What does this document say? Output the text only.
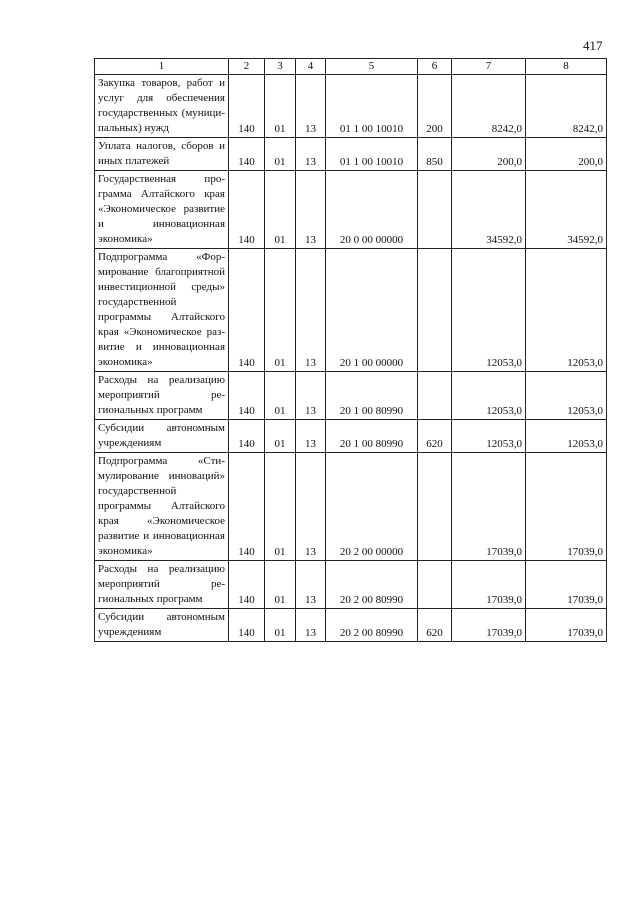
417
1	2	3	4	5	6	7	8
Закупка товаров, работ и услуг для обеспечения государственных (муниципальных) нужд	140	01	13	01 1 00 10010	200	8242,0	8242,0
Уплата налогов, сборов и иных платежей	140	01	13	01 1 00 10010	850	200,0	200,0
Государственная программа Алтайского края «Экономическое развитие и инновационная экономика»	140	01	13	20 0 00 00000		34592,0	34592,0
Подпрограмма «Формирование благоприятной инвестиционной среды» государственной программы Алтайского края «Экономическое развитие и инновационная экономика»	140	01	13	20 1 00 00000		12053,0	12053,0
Расходы на реализацию мероприятий региональных программ	140	01	13	20 1 00 80990		12053,0	12053,0
Субсидии автономным учреждениям	140	01	13	20 1 00 80990	620	12053,0	12053,0
Подпрограмма «Стимулирование инноваций» государственной программы Алтайского края «Экономическое развитие и инновационная экономика»	140	01	13	20 2 00 00000		17039,0	17039,0
Расходы на реализацию мероприятий региональных программ	140	01	13	20 2 00 80990		17039,0	17039,0
Субсидии автономным учреждениям	140	01	13	20 2 00 80990	620	17039,0	17039,0
